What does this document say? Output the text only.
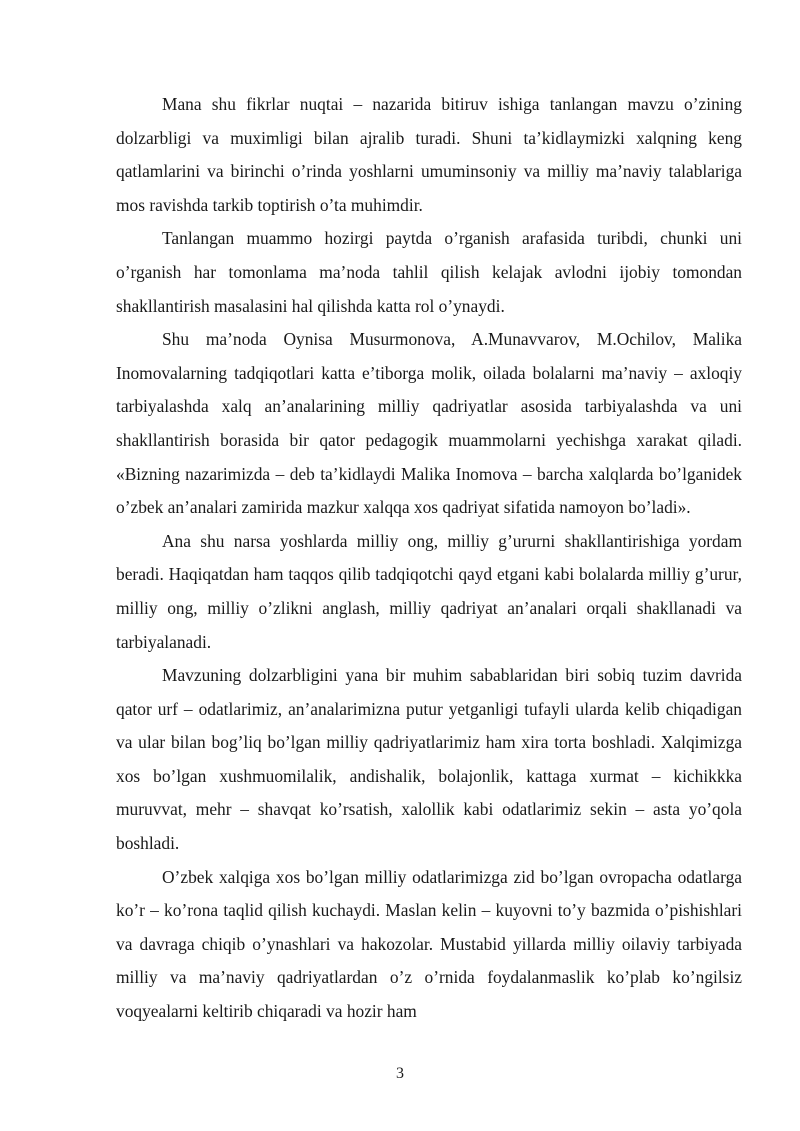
Mana shu fikrlar nuqtai – nazarida bitiruv ishiga tanlangan mavzu o’zining dolzarbligi va muximligi bilan ajralib turadi. Shuni ta’kidlaymizki xalqning keng qatlamlarini va birinchi o’rinda yoshlarni umuminsoniy va milliy ma’naviy talablariga mos ravishda tarkib toptirish o’ta muhimdir.

Tanlangan muammo hozirgi paytda o’rganish arafasida turibdi, chunki uni o’rganish har tomonlama ma’noda tahlil qilish kelajak avlodni ijobiy tomondan shakllantirish masalasini hal qilishda katta rol o’ynaydi.

Shu ma’noda Oynisa Musurmonova, A.Munavvarov, M.Ochilov, Malika Inomovalarning tadqiqotlari katta e’tiborga molik, oilada bolalarni ma’naviy – axloqiy tarbiyalashda xalq an’analarining milliy qadriyatlar asosida tarbiyalashda va uni shakllantirish borasida bir qator pedagogik muammolarni yechishga xarakat qiladi. «Bizning nazarimizda – deb ta’kidlaydi Malika Inomova – barcha xalqlarda bo’lganidek o’zbek an’analari zamirida mazkur xalqqa xos qadriyat sifatida namoyon bo’ladi».

Ana shu narsa yoshlarda milliy ong, milliy g’ururni shakllantirishiga yordam beradi. Haqiqatdan ham taqqos qilib tadqiqotchi qayd etgani kabi bolalarda milliy g’urur, milliy ong, milliy o’zlikni anglash, milliy qadriyat an’analari orqali shakllanadi va tarbiyalanadi.

Mavzuning dolzarbligini yana bir muhim sabablaridan biri sobiq tuzim davrida qator urf – odatlarimiz, an’analarimizna putur yetganligi tufayli ularda kelib chiqadigan va ular bilan bog’liq bo’lgan milliy qadriyatlarimiz ham xira torta boshladi. Xalqimizga xos bo’lgan xushmuomilalik, andishalik, bolajonlik, kattaga xurmat – kichikkka muruvvat, mehr – shavqat ko’rsatish, xalollik kabi odatlarimiz sekin – asta yo’qola boshladi.

O’zbek xalqiga xos bo’lgan milliy odatlarimizga zid bo’lgan ovropacha odatlarga ko’r – ko’rona taqlid qilish kuchaydi. Maslan kelin – kuyovni to’y bazmida o’pishishlari va davraga chiqib o’ynashlari va hakozolar. Mustabid yillarda milliy oilaviy tarbiyada milliy va ma’naviy qadriyatlardan o’z o’rnida foydalanmaslik ko’plab ko’ngilsiz voqyealarni keltirib chiqaradi va hozir ham

3
